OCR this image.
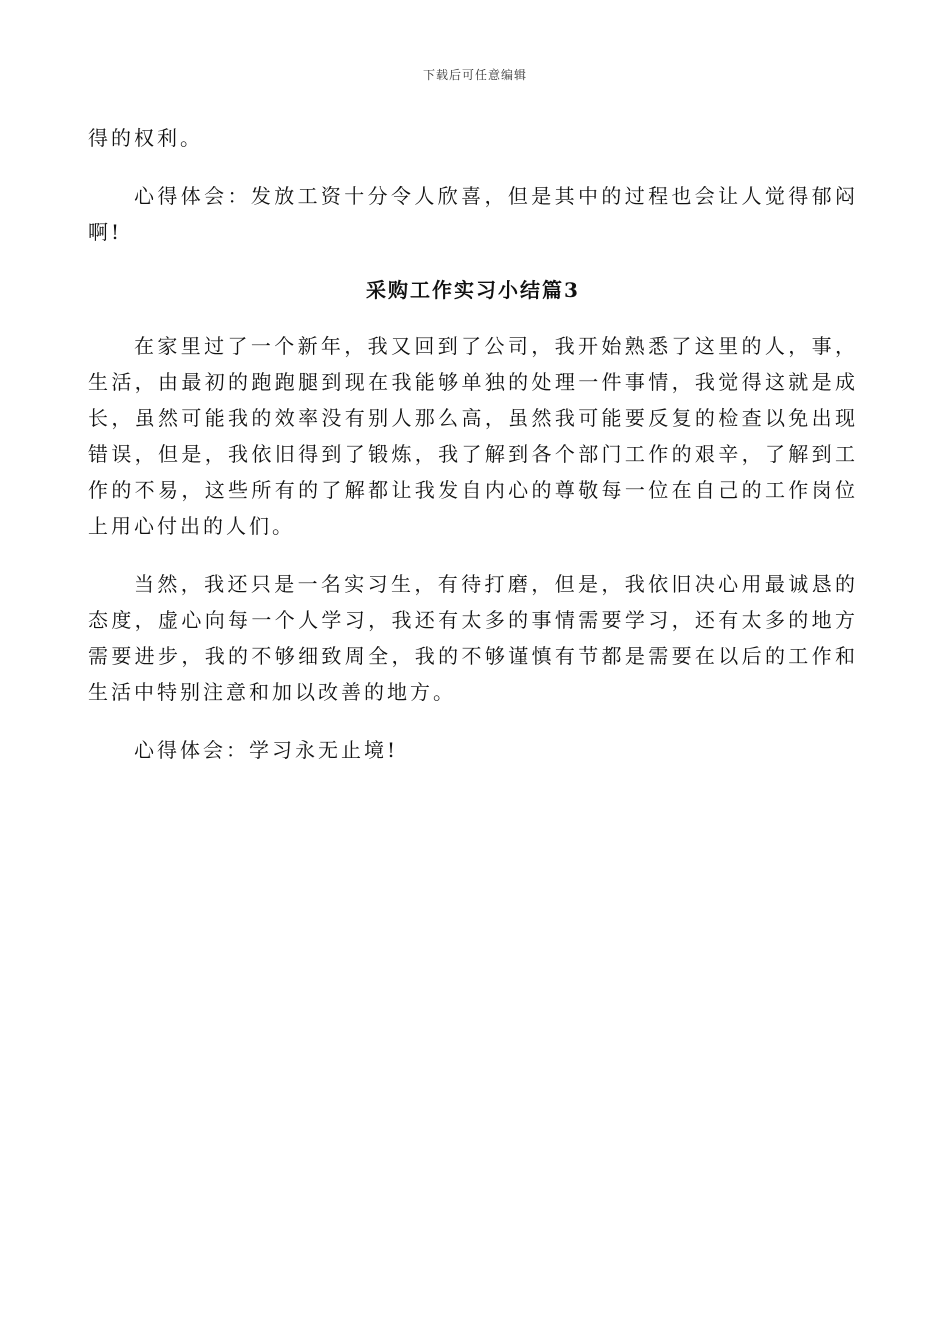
下载后可任意编辑

得的权利。

心得体会：发放工资十分令人欣喜，但是其中的过程也会让人觉得郁闷啊!

采购工作实习小结篇3

在家里过了一个新年，我又回到了公司，我开始熟悉了这里的人，事，生活，由最初的跑跑腿到现在我能够单独的处理一件事情，我觉得这就是成长，虽然可能我的效率没有别人那么高，虽然我可能要反复的检查以免出现错误，但是，我依旧得到了锻炼，我了解到各个部门工作的艰辛，了解到工作的不易，这些所有的了解都让我发自内心的尊敬每一位在自己的工作岗位上用心付出的人们。

当然，我还只是一名实习生，有待打磨，但是，我依旧决心用最诚恳的态度，虚心向每一个人学习，我还有太多的事情需要学习，还有太多的地方需要进步，我的不够细致周全，我的不够谨慎有节都是需要在以后的工作和生活中特别注意和加以改善的地方。

心得体会：学习永无止境!
